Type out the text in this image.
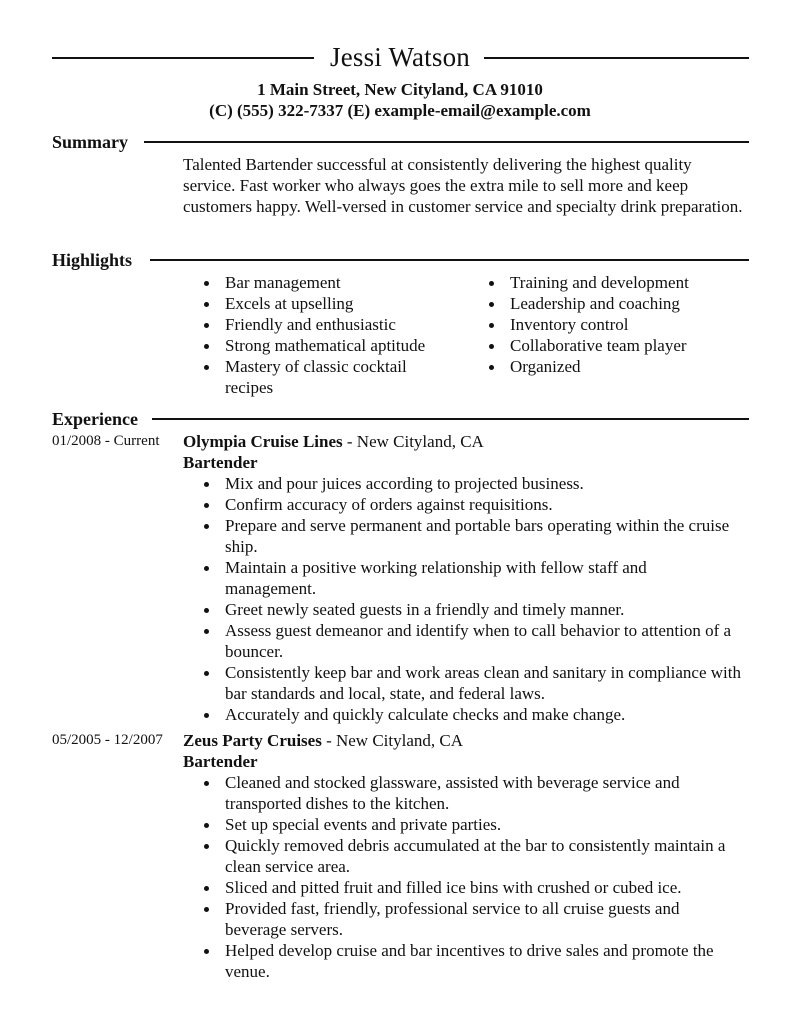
Jessi Watson
1 Main Street, New Cityland, CA 91010
(C) (555) 322-7337 (E) example-email@example.com
Summary
Talented Bartender successful at consistently delivering the highest quality service. Fast worker who always goes the extra mile to sell more and keep customers happy. Well-versed in customer service and specialty drink preparation.
Highlights
Bar management
Excels at upselling
Friendly and enthusiastic
Strong mathematical aptitude
Mastery of classic cocktail recipes
Training and development
Leadership and coaching
Inventory control
Collaborative team player
Organized
Experience
01/2008 - Current Olympia Cruise Lines - New Cityland, CA
Bartender
Mix and pour juices according to projected business.
Confirm accuracy of orders against requisitions.
Prepare and serve permanent and portable bars operating within the cruise ship.
Maintain a positive working relationship with fellow staff and management.
Greet newly seated guests in a friendly and timely manner.
Assess guest demeanor and identify when to call behavior to attention of a bouncer.
Consistently keep bar and work areas clean and sanitary in compliance with bar standards and local, state, and federal laws.
Accurately and quickly calculate checks and make change.
05/2005 - 12/2007 Zeus Party Cruises - New Cityland, CA
Bartender
Cleaned and stocked glassware, assisted with beverage service and transported dishes to the kitchen.
Set up special events and private parties.
Quickly removed debris accumulated at the bar to consistently maintain a clean service area.
Sliced and pitted fruit and filled ice bins with crushed or cubed ice.
Provided fast, friendly, professional service to all cruise guests and beverage servers.
Helped develop cruise and bar incentives to drive sales and promote the venue.
